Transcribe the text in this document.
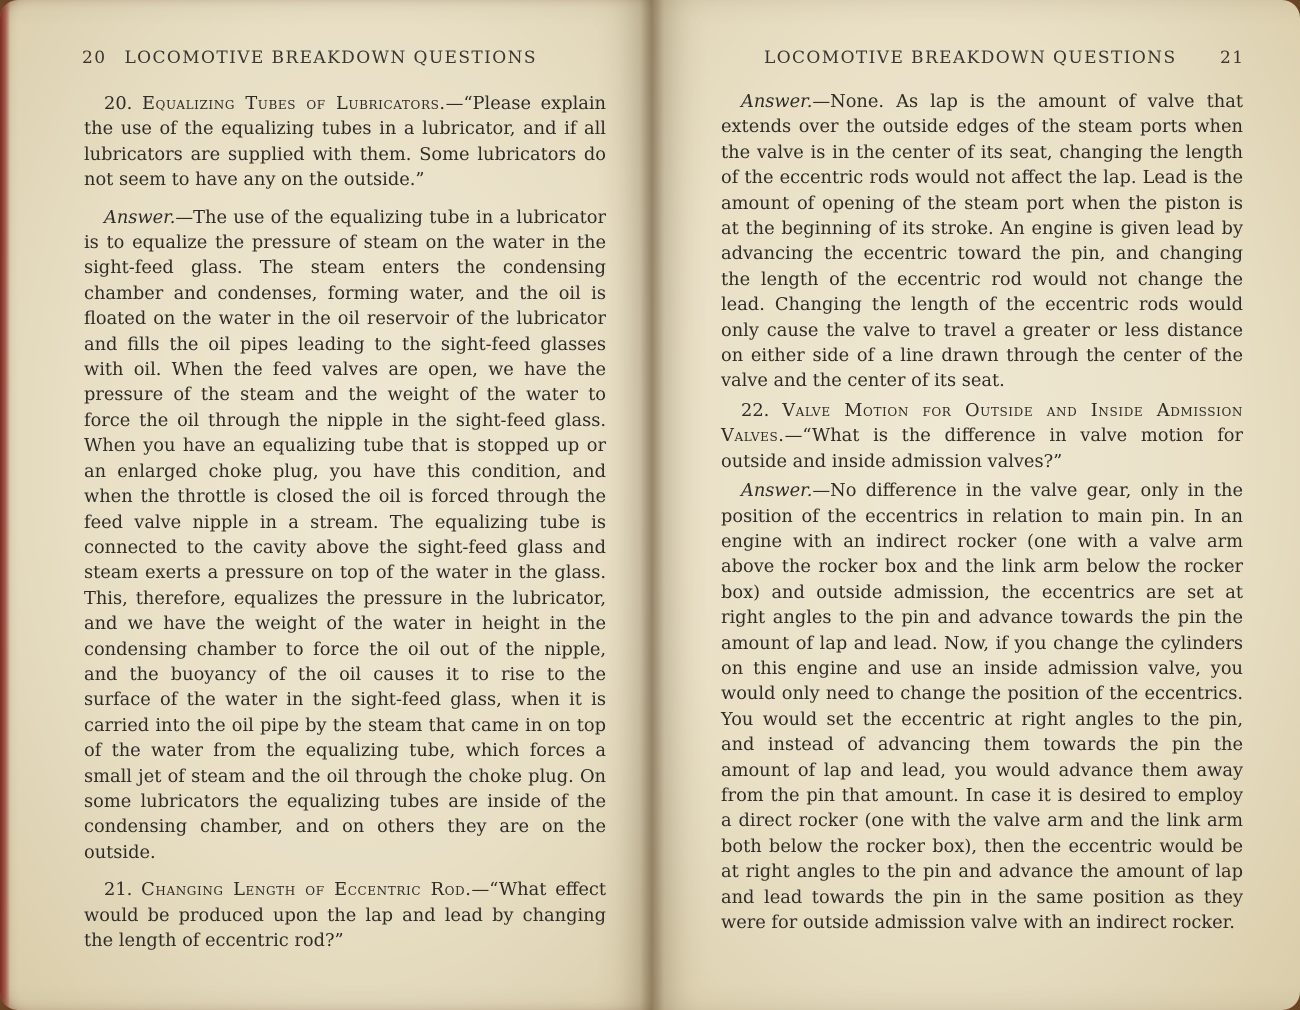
20 LOCOMOTIVE BREAKDOWN QUESTIONS

20. Equalizing Tubes of Lubricators.—“Please explain the use of the equalizing tubes in a lubricator, and if all lubricators are supplied with them. Some lubricators do not seem to have any on the outside.”

Answer.—The use of the equalizing tube in a lubricator is to equalize the pressure of steam on the water in the sight-feed glass. The steam enters the condensing chamber and condenses, forming water, and the oil is floated on the water in the oil reservoir of the lubricator and fills the oil pipes leading to the sight-feed glasses with oil. When the feed valves are open, we have the pressure of the steam and the weight of the water to force the oil through the nipple in the sight-feed glass. When you have an equalizing tube that is stopped up or an enlarged choke plug, you have this condition, and when the throttle is closed the oil is forced through the feed valve nipple in a stream. The equalizing tube is connected to the cavity above the sight-feed glass and steam exerts a pressure on top of the water in the glass. This, therefore, equalizes the pressure in the lubricator, and we have the weight of the water in height in the condensing chamber to force the oil out of the nipple, and the buoyancy of the oil causes it to rise to the surface of the water in the sight-feed glass, when it is carried into the oil pipe by the steam that came in on top of the water from the equalizing tube, which forces a small jet of steam and the oil through the choke plug. On some lubricators the equalizing tubes are inside of the condensing chamber, and on others they are on the outside.

21. Changing Length of Eccentric Rod.—“What effect would be produced upon the lap and lead by changing the length of eccentric rod?”

LOCOMOTIVE BREAKDOWN QUESTIONS	21

Answer.—None. As lap is the amount of valve that extends over the outside edges of the steam ports when the valve is in the center of its seat, changing the length of the eccentric rods would not affect the lap. Lead is the amount of opening of the steam port when the piston is at the beginning of its stroke. An engine is given lead by advancing the eccentric toward the pin, and changing the length of the eccentric rod would not change the lead. Changing the length of the eccentric rods would only cause the valve to travel a greater or less distance on either side of a line drawn through the center of the valve and the center of its seat.

22. Valve Motion for Outside and Inside Admission Valves.—“What is the difference in valve motion for outside and inside admission valves?”

Answer.—No difference in the valve gear, only in the position of the eccentrics in relation to main pin. In an engine with an indirect rocker (one with a valve arm above the rocker box and the link arm below the rocker box) and outside admission, the eccentrics are set at right angles to the pin and advance towards the pin the amount of lap and lead. Now, if you change the cylinders on this engine and use an inside admission valve, you would only need to change the position of the eccentrics. You would set the eccentric at right angles to the pin, and instead of advancing them towards the pin the amount of lap and lead, you would advance them away from the pin that amount. In case it is desired to employ a direct rocker (one with the valve arm and the link arm both below the rocker box), then the eccentric would be at right angles to the pin and advance the amount of lap and lead towards the pin in the same position as they were for outside admission valve with an indirect rocker.
